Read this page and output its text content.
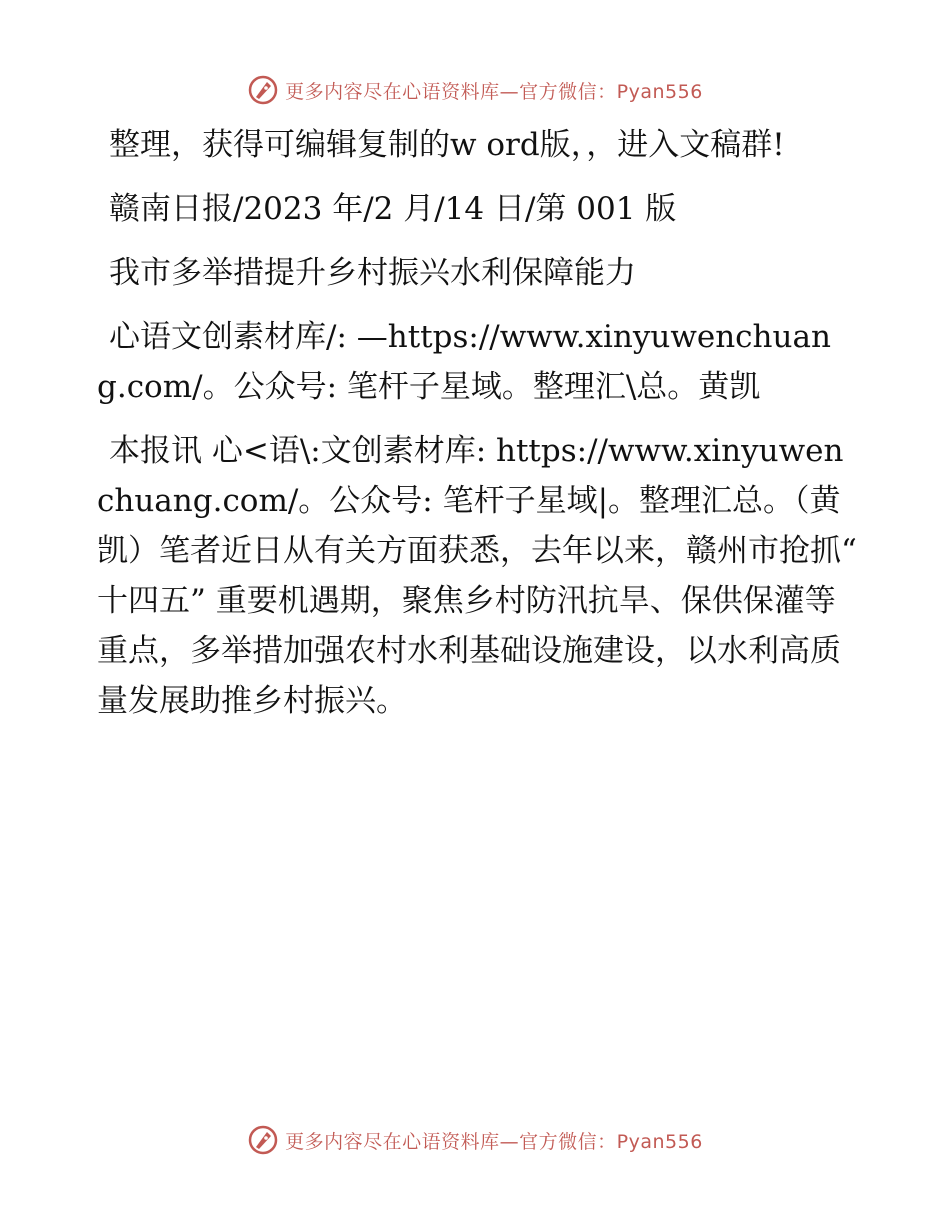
更多内容尽在心语资料库—官方微信：Pyan556

整理，获得可编辑复制的w ord版，，进入文稿群!

赣南日报/2023 年/2 月/14 日/第 001 版

我市多举措提升乡村振兴水利保障能力

心语文创素材库/: —https://www.xinyuwenchuang.com/。公众号: 笔杆子星域。整理汇\总。黄凯

本报讯 心<语\:文创素材库: https://www.xinyuwenchuang.com/。公众号: 笔杆子星域|。整理汇总。（黄凯）笔者近日从有关方面获悉，去年以来，赣州市抢抓“ 十四五” 重要机遇期，聚焦乡村防汛抗旱、保供保灌等重点，多举措加强农村水利基础设施建设，以水利高质量发展助推乡村振兴。

更多内容尽在心语资料库—官方微信：Pyan556
